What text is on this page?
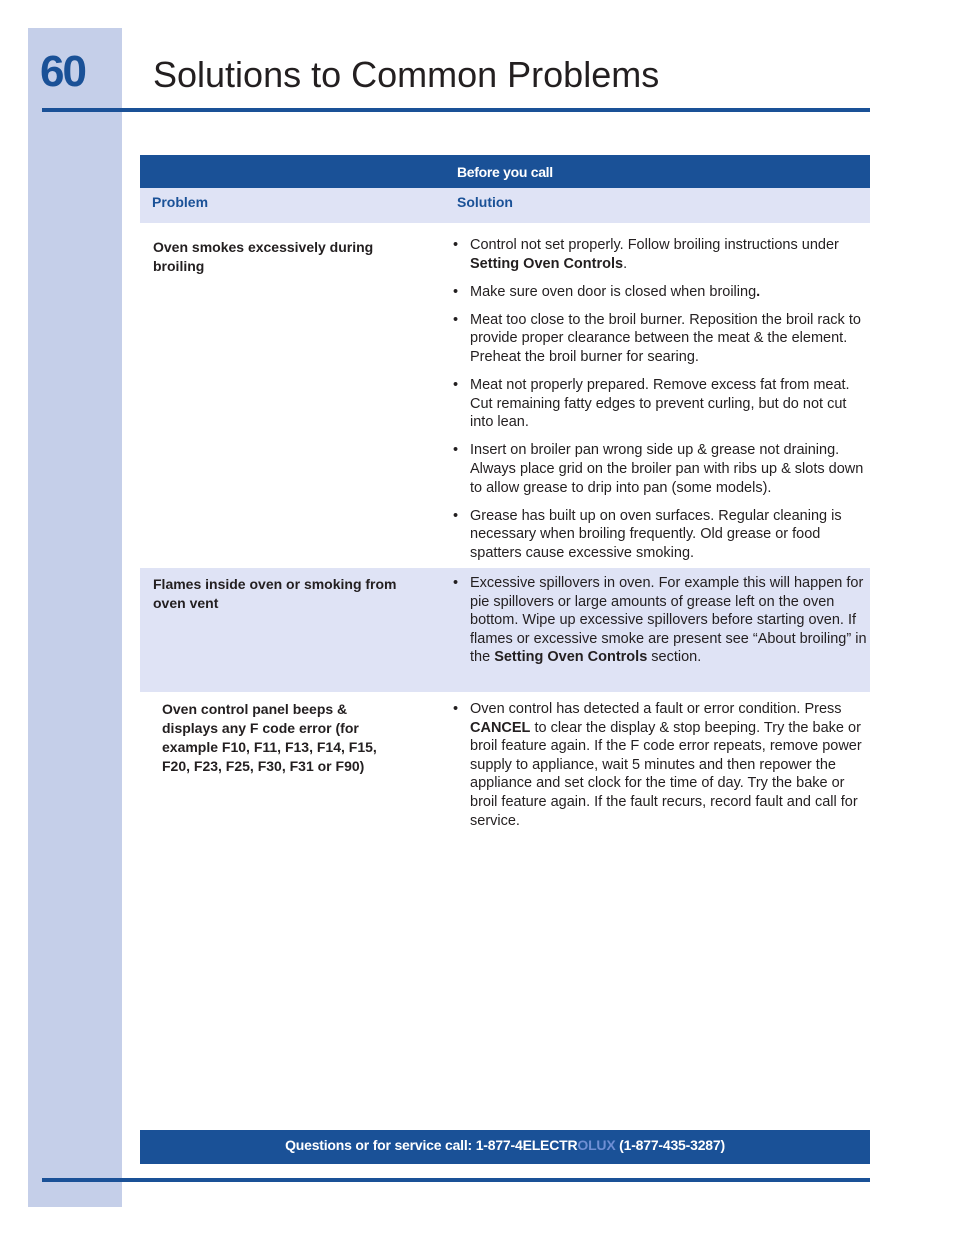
60 Solutions to Common Problems
Before you call
Problem	Solution
Oven smokes excessively during broiling
• Control not set properly. Follow broiling instructions under Setting Oven Controls.
• Make sure oven door is closed when broiling.
• Meat too close to the broil burner. Reposition the broil rack to provide proper clearance between the meat & the element. Preheat the broil burner for searing.
• Meat not properly prepared. Remove excess fat from meat. Cut remaining fatty edges to prevent curling, but do not cut into lean.
• Insert on broiler pan wrong side up & grease not draining. Always place grid on the broiler pan with ribs up & slots down to allow grease to drip into pan (some models).
• Grease has built up on oven surfaces. Regular cleaning is necessary when broiling frequently. Old grease or food spatters cause excessive smoking.
Flames inside oven or smoking from oven vent
• Excessive spillovers in oven. For example this will happen for pie spillovers or large amounts of grease left on the oven bottom. Wipe up excessive spillovers before starting oven. If flames or excessive smoke are present see “About broiling” in the Setting Oven Controls section.
Oven control panel beeps & displays any F code error (for example F10, F11, F13, F14, F15, F20, F23, F25, F30, F31 or F90)
• Oven control has detected a fault or error condition. Press CANCEL to clear the display & stop beeping. Try the bake or broil feature again. If the F code error repeats, remove power supply to appliance, wait 5 minutes and then repower the appliance and set clock for the time of day. Try the bake or broil feature again. If the fault recurs, record fault and call for service.
Questions or for service call: 1-877-4ELECTROLUX (1-877-435-3287)
